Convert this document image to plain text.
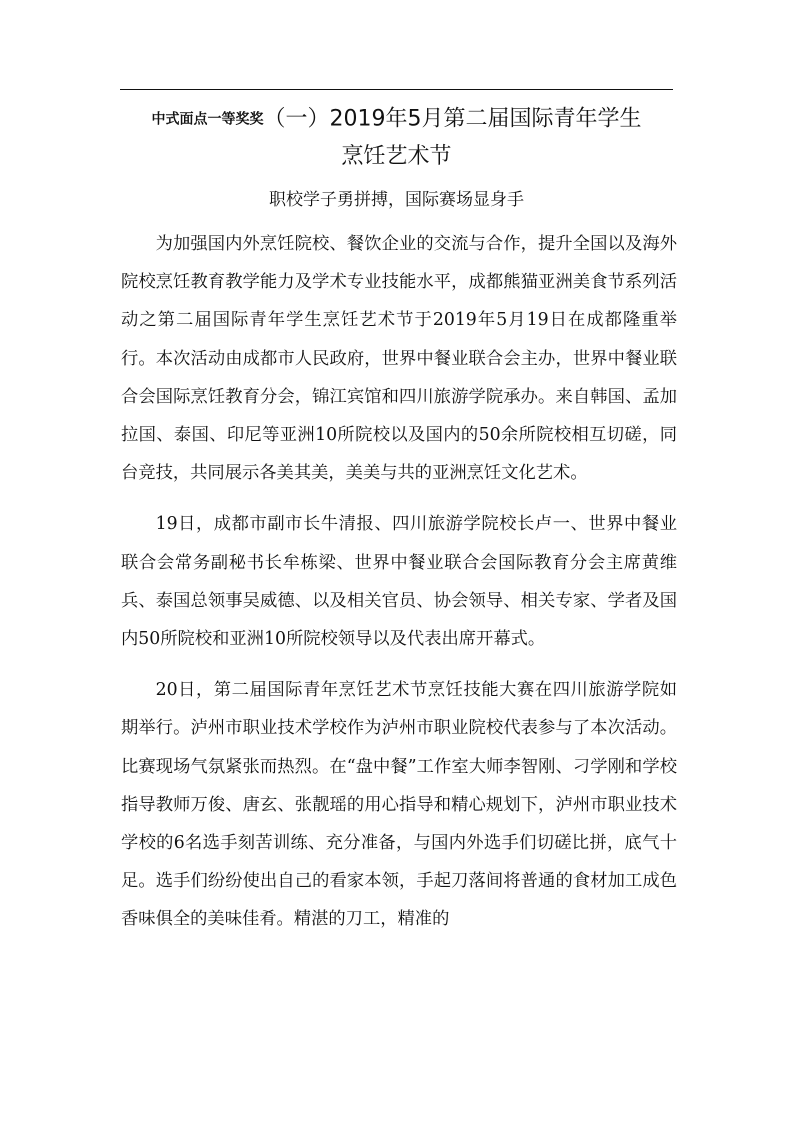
中式面点一等奖奖（一）2019年5月第二届国际青年学生
烹饪艺术节
职校学子勇拼搏，国际赛场显身手

为加强国内外烹饪院校、餐饮企业的交流与合作，提升全国以及海外院校烹饪教育教学能力及学术专业技能水平，成都熊猫亚洲美食节系列活动之第二届国际青年学生烹饪艺术节于2019年5月19日在成都隆重举行。本次活动由成都市人民政府，世界中餐业联合会主办，世界中餐业联合会国际烹饪教育分会，锦江宾馆和四川旅游学院承办。来自韩国、孟加拉国、泰国、印尼等亚洲10所院校以及国内的50余所院校相互切磋，同台竞技，共同展示各美其美，美美与共的亚洲烹饪文化艺术。

19日，成都市副市长牛清报、四川旅游学院校长卢一、世界中餐业联合会常务副秘书长牟栋梁、世界中餐业联合会国际教育分会主席黄维兵、泰国总领事吴威德、以及相关官员、协会领导、相关专家、学者及国内50所院校和亚洲10所院校领导以及代表出席开幕式。

20日，第二届国际青年烹饪艺术节烹饪技能大赛在四川旅游学院如期举行。泸州市职业技术学校作为泸州市职业院校代表参与了本次活动。比赛现场气氛紧张而热烈。在“盘中餐”工作室大师李智刚、刁学刚和学校指导教师万俊、唐玄、张靓瑶的用心指导和精心规划下，泸州市职业技术学校的6名选手刻苦训练、充分准备，与国内外选手们切磋比拼，底气十足。选手们纷纷使出自己的看家本领，手起刀落间将普通的食材加工成色香味俱全的美味佳肴。精湛的刀工，精准的
